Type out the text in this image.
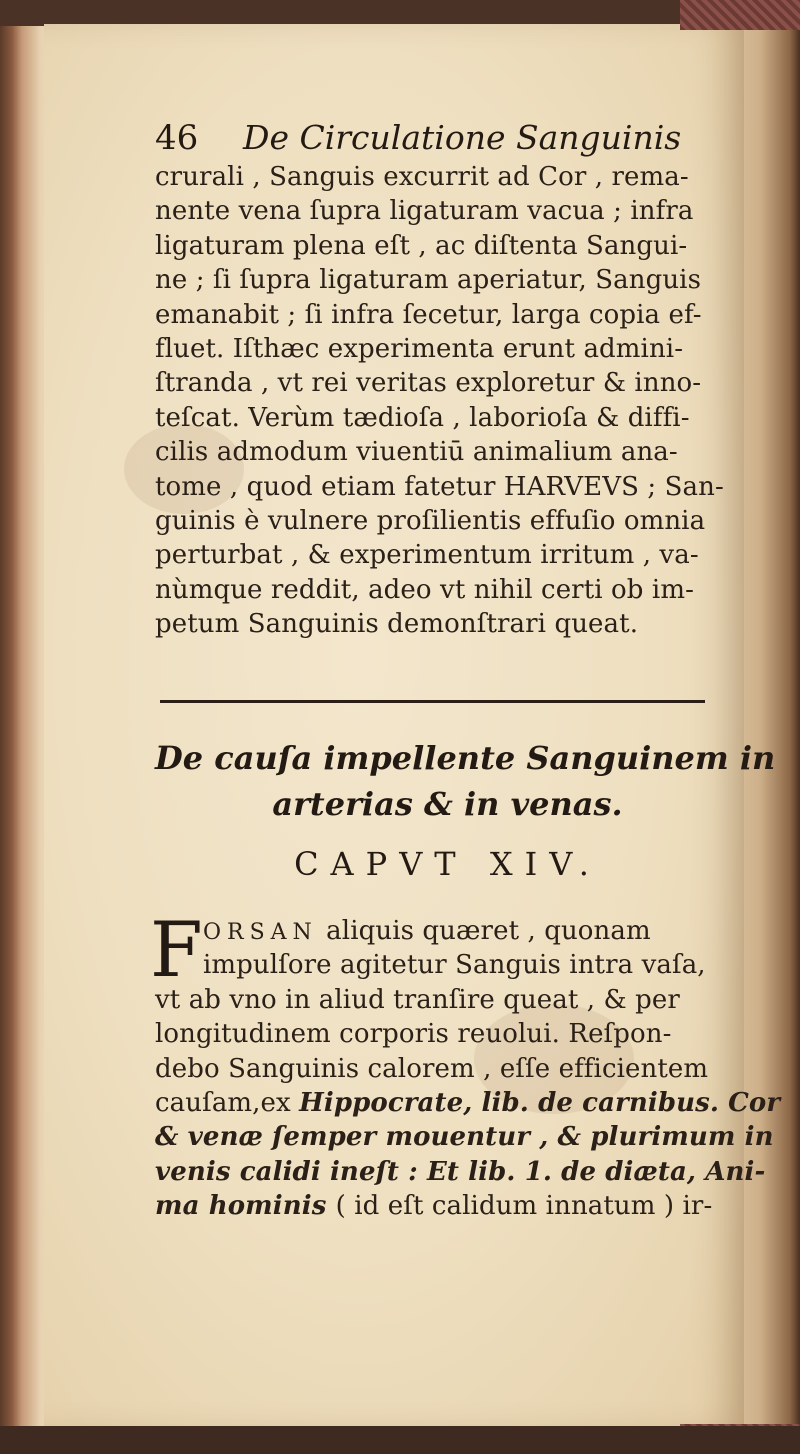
46 De Circulatione Sanguinis
crurali , Sanguis excurrit ad Cor , rema-
nente vena ſupra ligaturam vacua ; infra
ligaturam plena eſt , ac diſtenta Sangui-
ne ; ſi ſupra ligaturam aperiatur, Sanguis
emanabit ; ſi infra ſecetur, larga copia ef-
fluet. Iſthæc experimenta erunt admini-
ſtranda , vt rei veritas exploretur & inno-
teſcat. Verùm tædioſa , laborioſa & diffi-
cilis admodum viuentiū animalium ana-
tome , quod etiam fatetur HARVEVS ; San-
guinis è vulnere proſilientis effuſio omnia
perturbat , & experimentum irritum , va-
nùmque reddit, adeo vt nihil certi ob im-
petum Sanguinis demonſtrari queat.
De cauſa impellente Sanguinem in
arterias & in venas.
CAPVT XIV.
F ORSAN aliquis quæret , quonam
impulſore agitetur Sanguis intra vaſa,
vt ab vno in aliud tranſire queat , & per
longitudinem corporis reuolui. Reſpon-
debo Sanguinis calorem , eſſe efficientem
cauſam,ex Hippocrate, lib. de carnibus. Cor
& venæ ſemper mouentur , & plurimum in
venis calidi ineſt : Et lib. 1. de diæta, Ani-
ma hominis ( id eſt calidum innatum ) ir-
